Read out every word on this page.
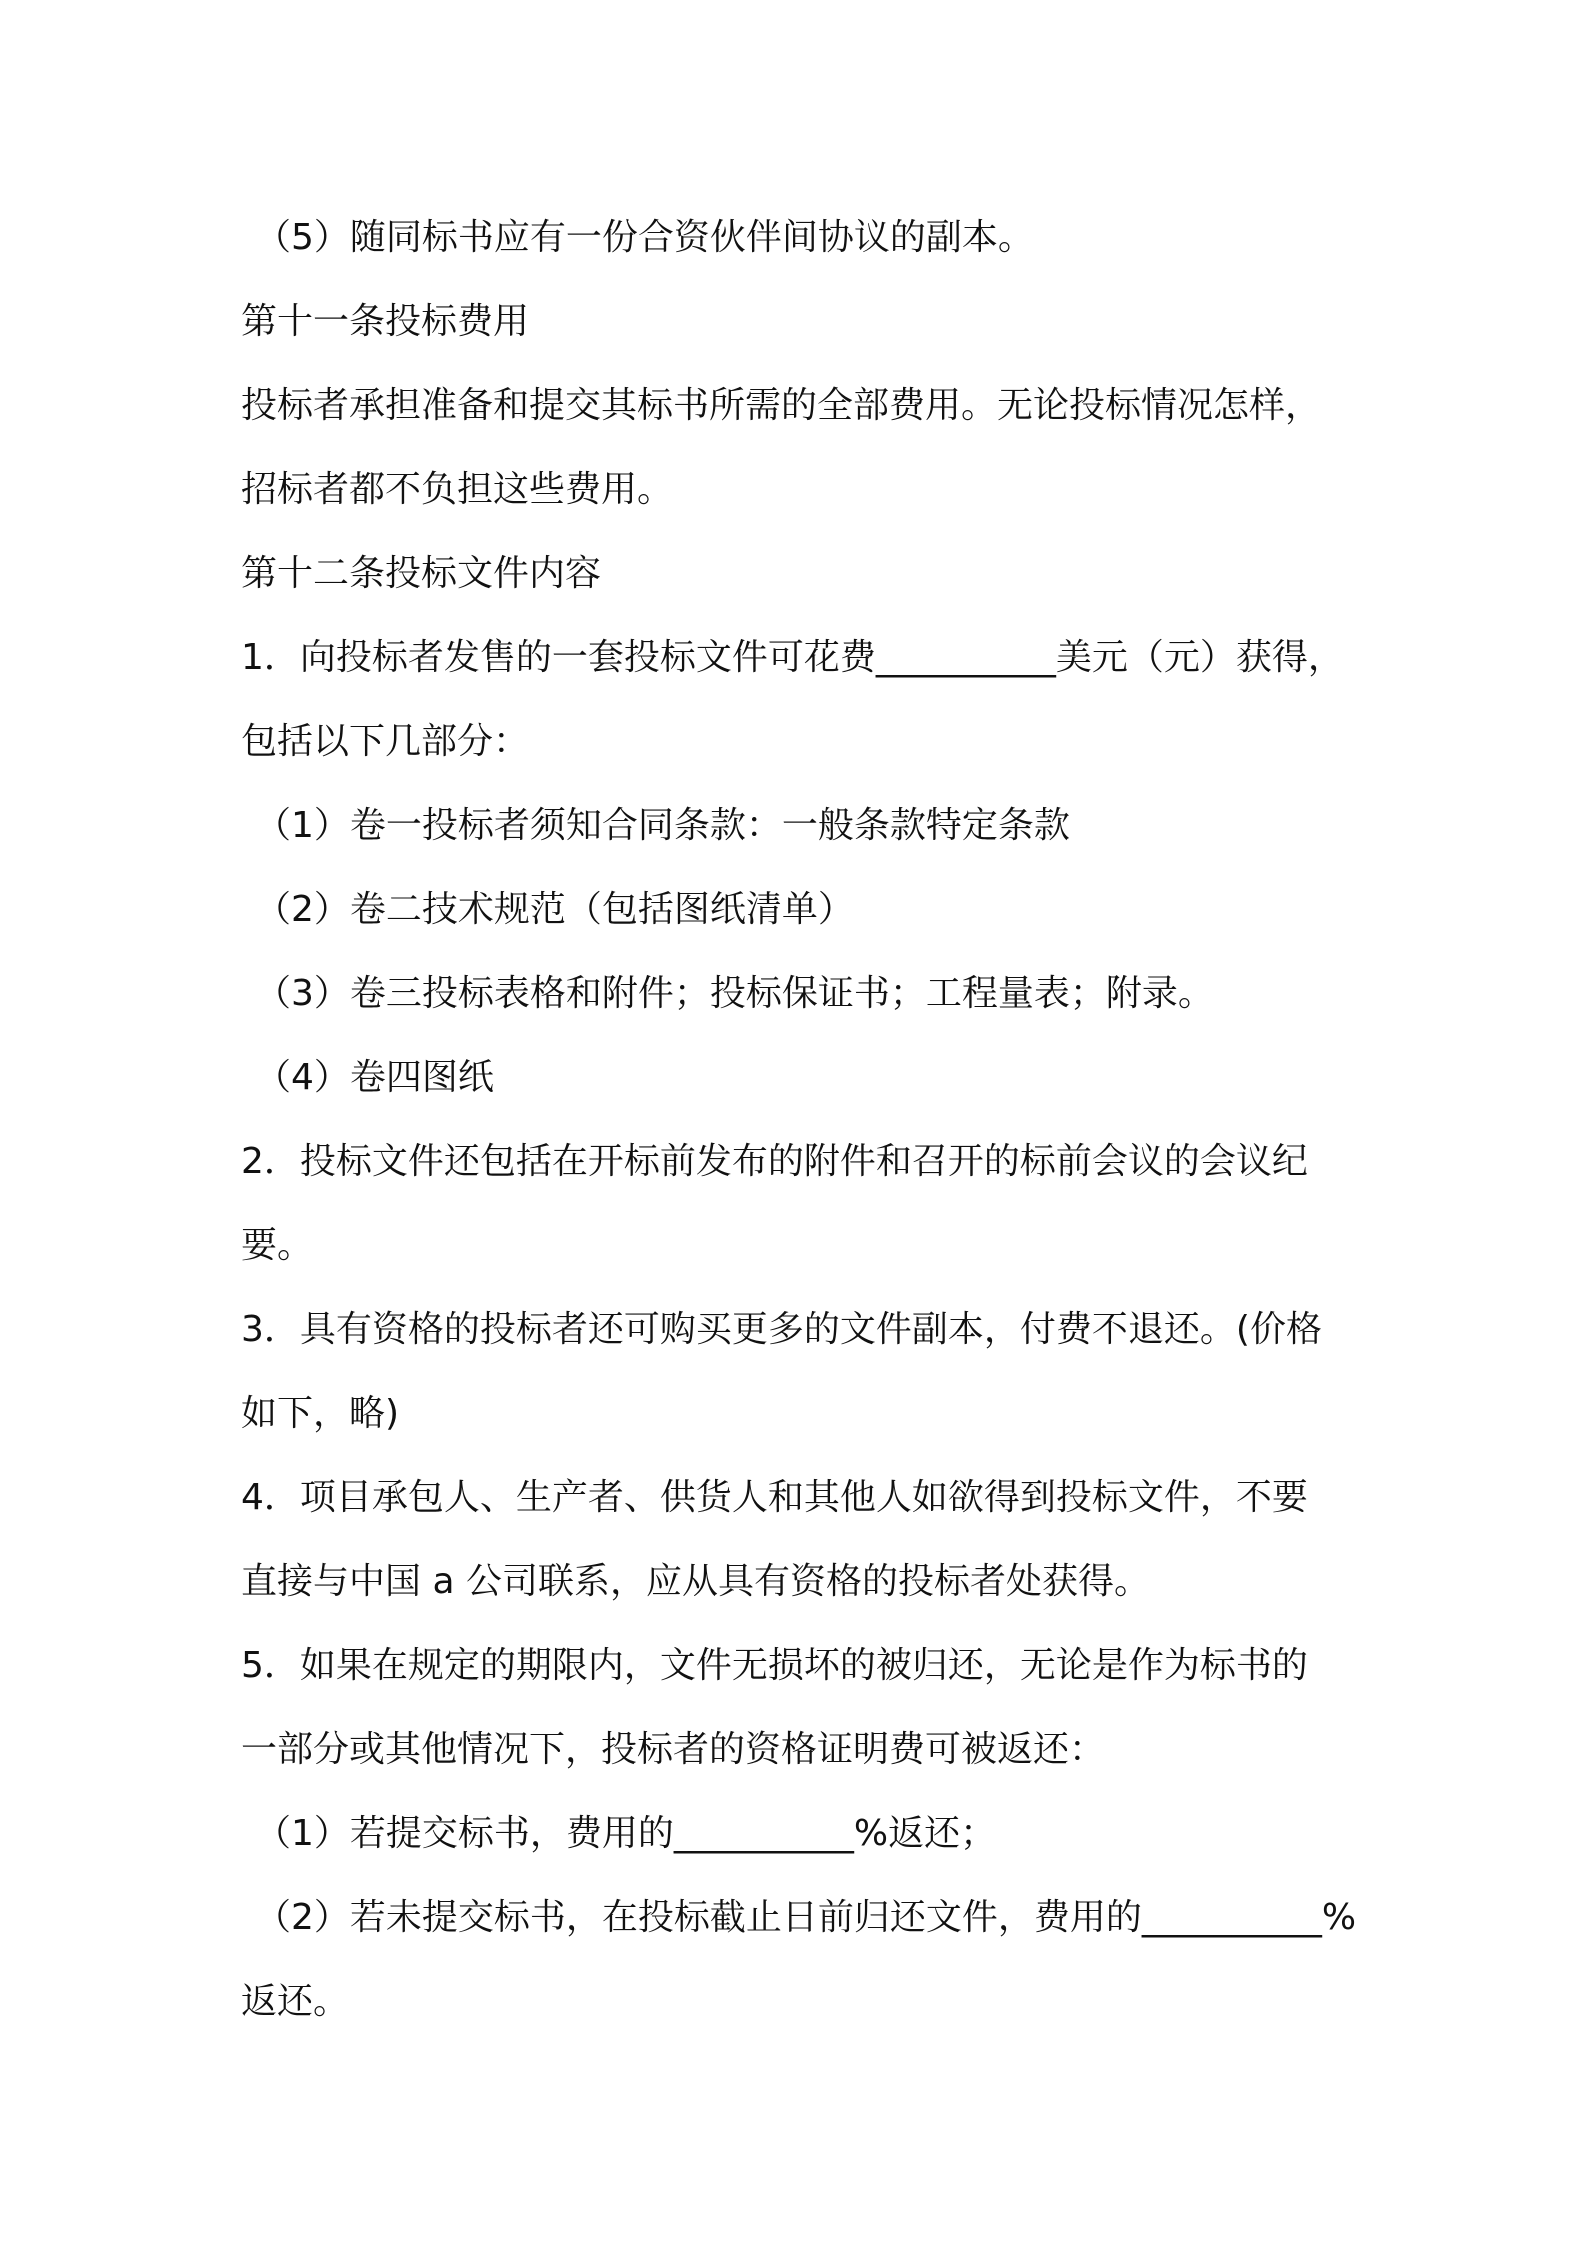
（5）随同标书应有一份合资伙伴间协议的副本。
第十一条投标费用
投标者承担准备和提交其标书所需的全部费用。无论投标情况怎样，
招标者都不负担这些费用。
第十二条投标文件内容
1．向投标者发售的一套投标文件可花费__________美元（元）获得，
包括以下几部分：
（1）卷一投标者须知合同条款：一般条款特定条款
（2）卷二技术规范（包括图纸清单）
（3）卷三投标表格和附件；投标保证书；工程量表；附录。
（4）卷四图纸
2．投标文件还包括在开标前发布的附件和召开的标前会议的会议纪
要。
3．具有资格的投标者还可购买更多的文件副本，付费不退还。(价格
如下，略)
4．项目承包人、生产者、供货人和其他人如欲得到投标文件，不要
直接与中国 a 公司联系，应从具有资格的投标者处获得。
5．如果在规定的期限内，文件无损坏的被归还，无论是作为标书的
一部分或其他情况下，投标者的资格证明费可被返还：
（1）若提交标书，费用的__________%返还；
（2）若未提交标书，在投标截止日前归还文件，费用的__________%
返还。
